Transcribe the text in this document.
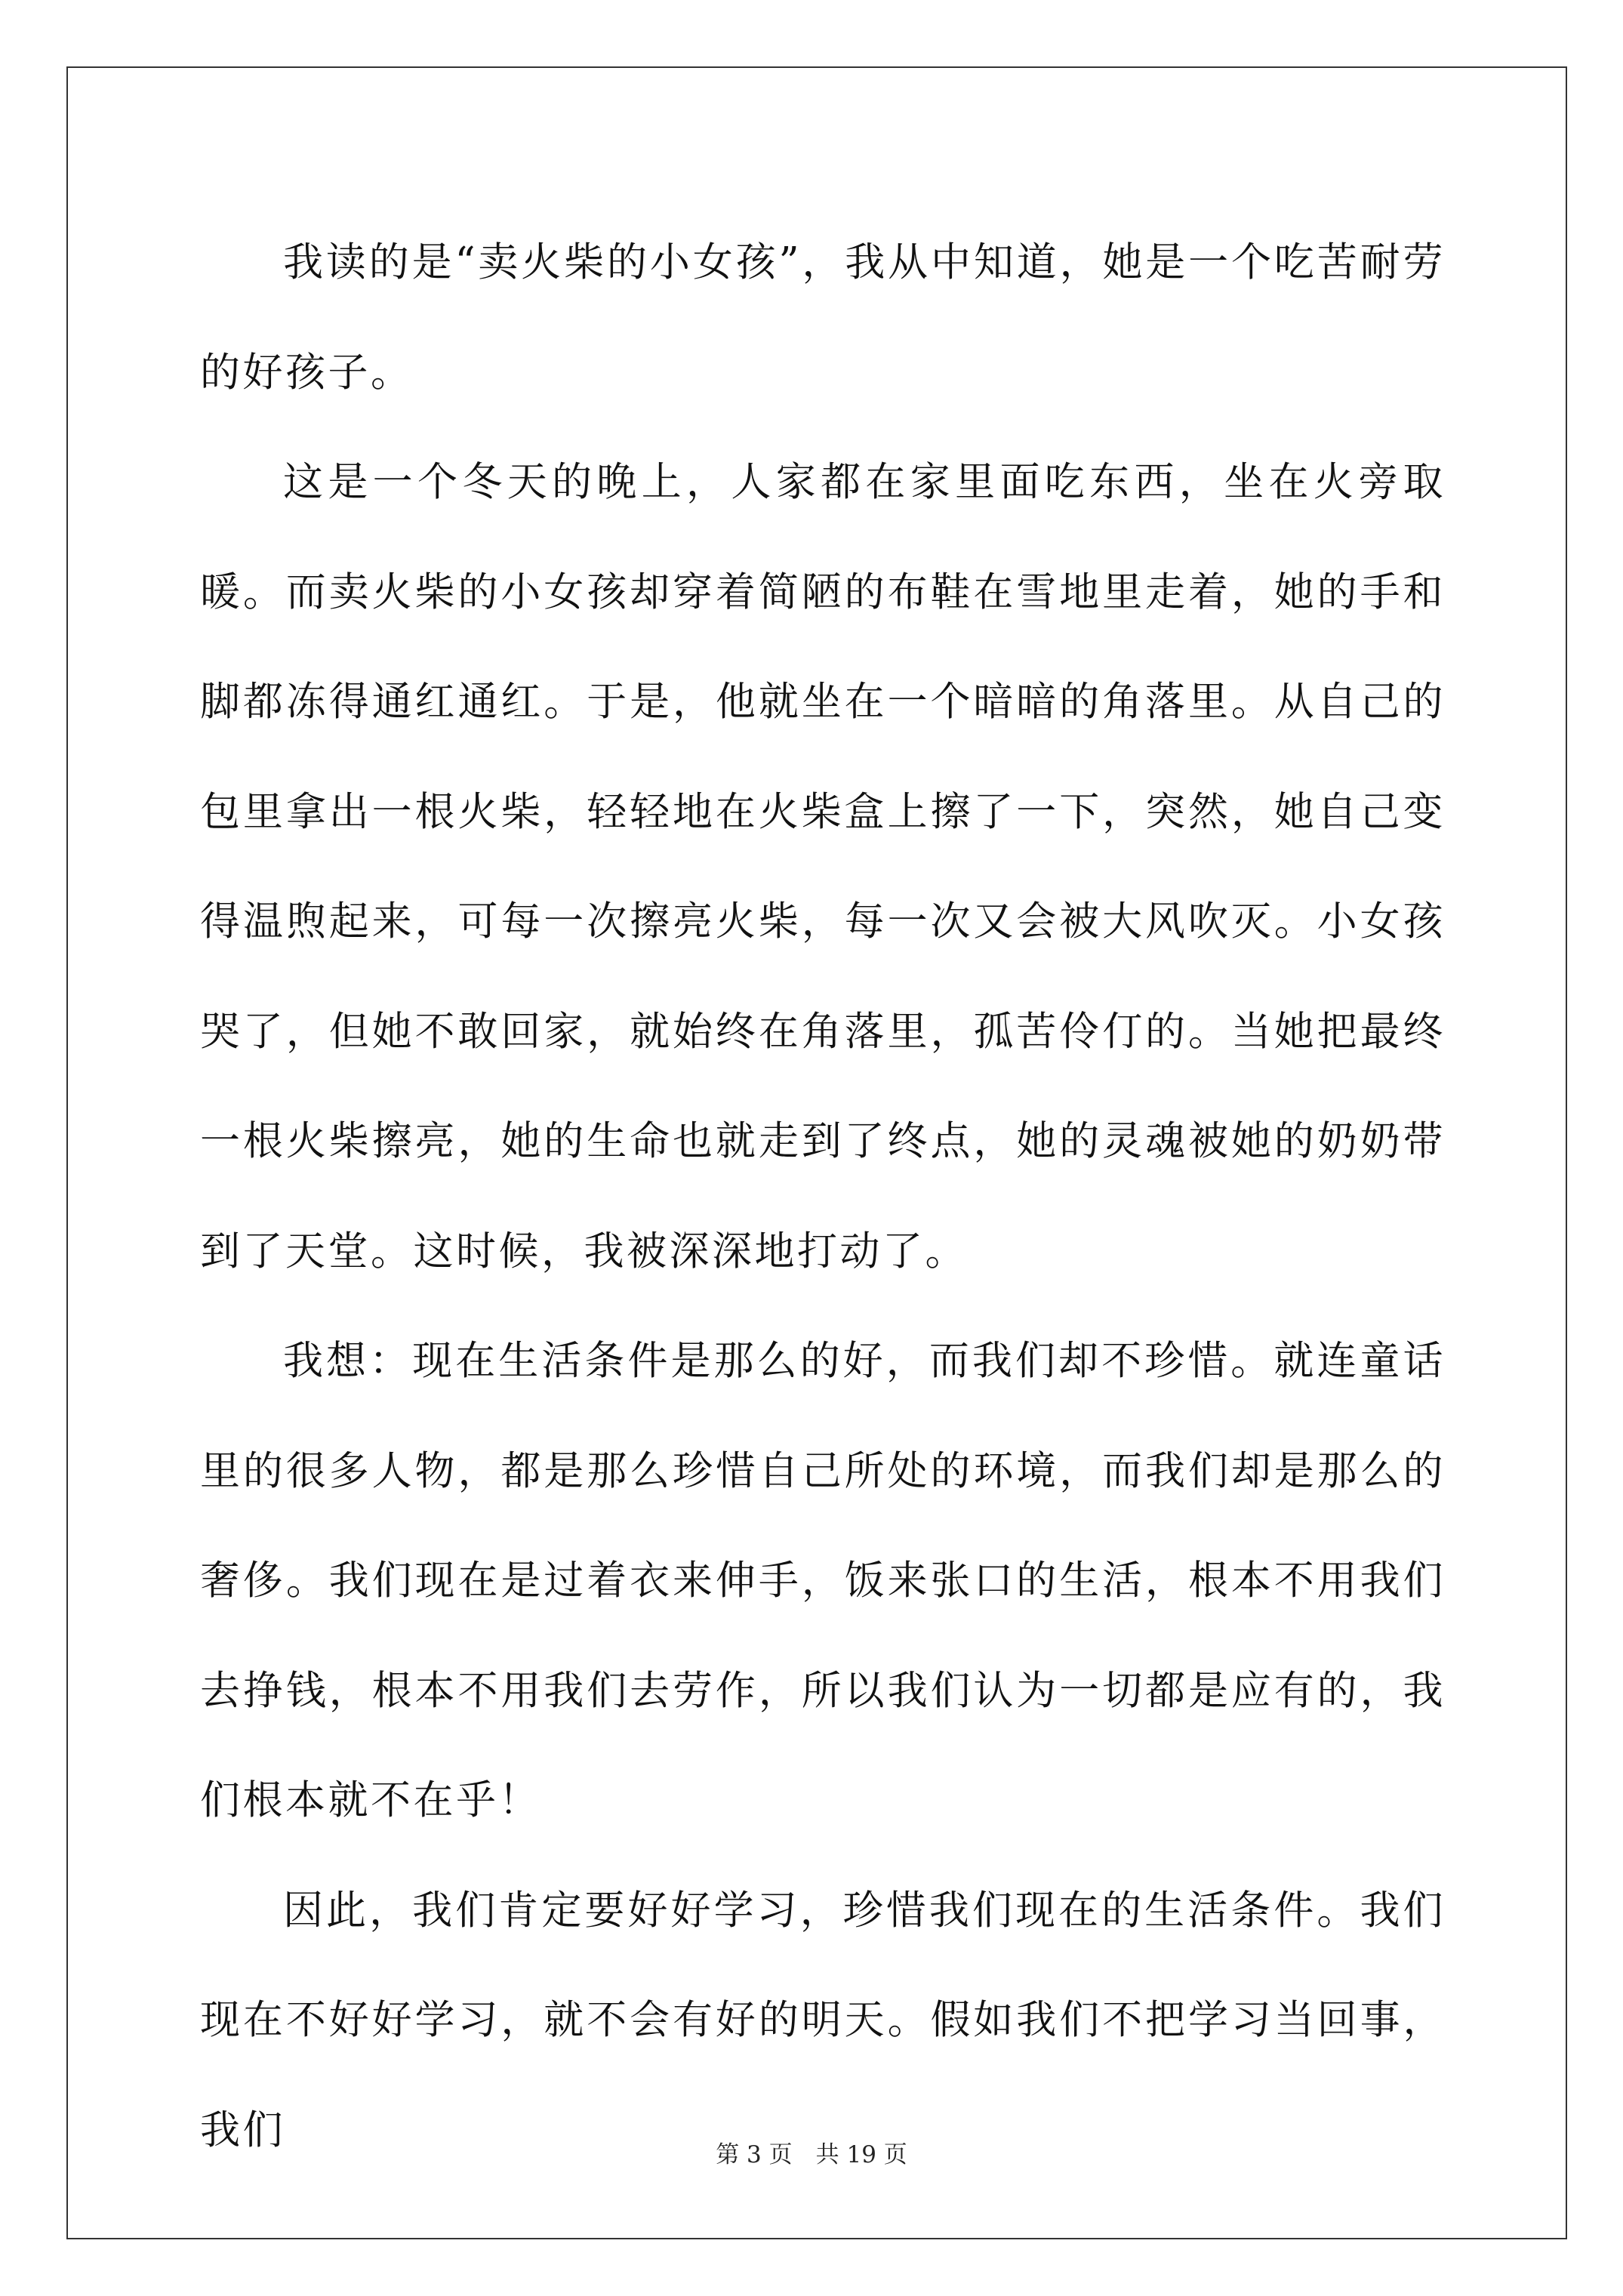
我读的是“卖火柴的小女孩”，我从中知道，她是一个吃苦耐劳的好孩子。

这是一个冬天的晚上，人家都在家里面吃东西，坐在火旁取暖。而卖火柴的小女孩却穿着简陋的布鞋在雪地里走着，她的手和脚都冻得通红通红。于是，他就坐在一个暗暗的角落里。从自己的包里拿出一根火柴，轻轻地在火柴盒上擦了一下，突然，她自己变得温煦起来，可每一次擦亮火柴，每一次又会被大风吹灭。小女孩哭了，但她不敢回家，就始终在角落里，孤苦伶仃的。当她把最终一根火柴擦亮，她的生命也就走到了终点，她的灵魂被她的奶奶带到了天堂。这时候，我被深深地打动了。

我想：现在生活条件是那么的好，而我们却不珍惜。就连童话里的很多人物，都是那么珍惜自己所处的环境，而我们却是那么的奢侈。我们现在是过着衣来伸手，饭来张口的生活，根本不用我们去挣钱，根本不用我们去劳作，所以我们认为一切都是应有的，我们根本就不在乎！

因此，我们肯定要好好学习，珍惜我们现在的生活条件。我们现在不好好学习，就不会有好的明天。假如我们不把学习当回事，我们

第 3 页　共 19 页
